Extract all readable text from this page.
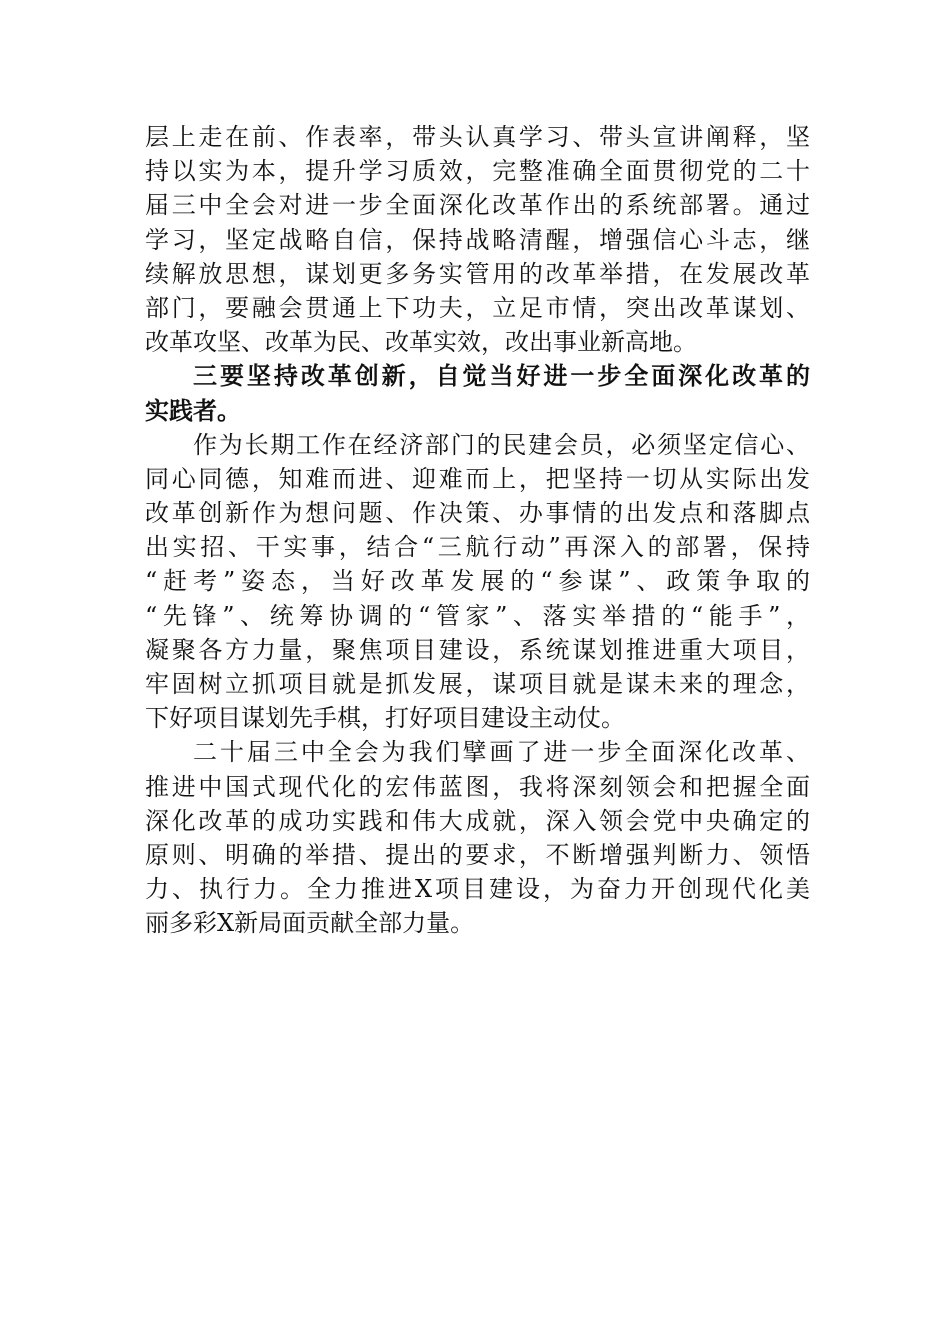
层上走在前、作表率，带头认真学习、带头宣讲阐释，坚
持以实为本，提升学习质效，完整准确全面贯彻党的二十
届三中全会对进一步全面深化改革作出的系统部署。通过
学习，坚定战略自信，保持战略清醒，增强信心斗志，继
续解放思想，谋划更多务实管用的改革举措，在发展改革
部门，要融会贯通上下功夫，立足市情，突出改革谋划、
改革攻坚、改革为民、改革实效，改出事业新高地。
三要坚持改革创新，自觉当好进一步全面深化改革的
实践者。
作为长期工作在经济部门的民建会员，必须坚定信心、
同心同德，知难而进、迎难而上，把坚持一切从实际出发
改革创新作为想问题、作决策、办事情的出发点和落脚点
出实招、干实事，结合“三航行动”再深入的部署，保持
“赶考”姿态，当好改革发展的“参谋”、政策争取的
“先锋”、统筹协调的“管家”、落实举措的“能手”，
凝聚各方力量，聚焦项目建设，系统谋划推进重大项目，
牢固树立抓项目就是抓发展，谋项目就是谋未来的理念，
下好项目谋划先手棋，打好项目建设主动仗。
二十届三中全会为我们擘画了进一步全面深化改革、
推进中国式现代化的宏伟蓝图，我将深刻领会和把握全面
深化改革的成功实践和伟大成就，深入领会党中央确定的
原则、明确的举措、提出的要求，不断增强判断力、领悟
力、执行力。全力推进X项目建设，为奋力开创现代化美
丽多彩X新局面贡献全部力量。
